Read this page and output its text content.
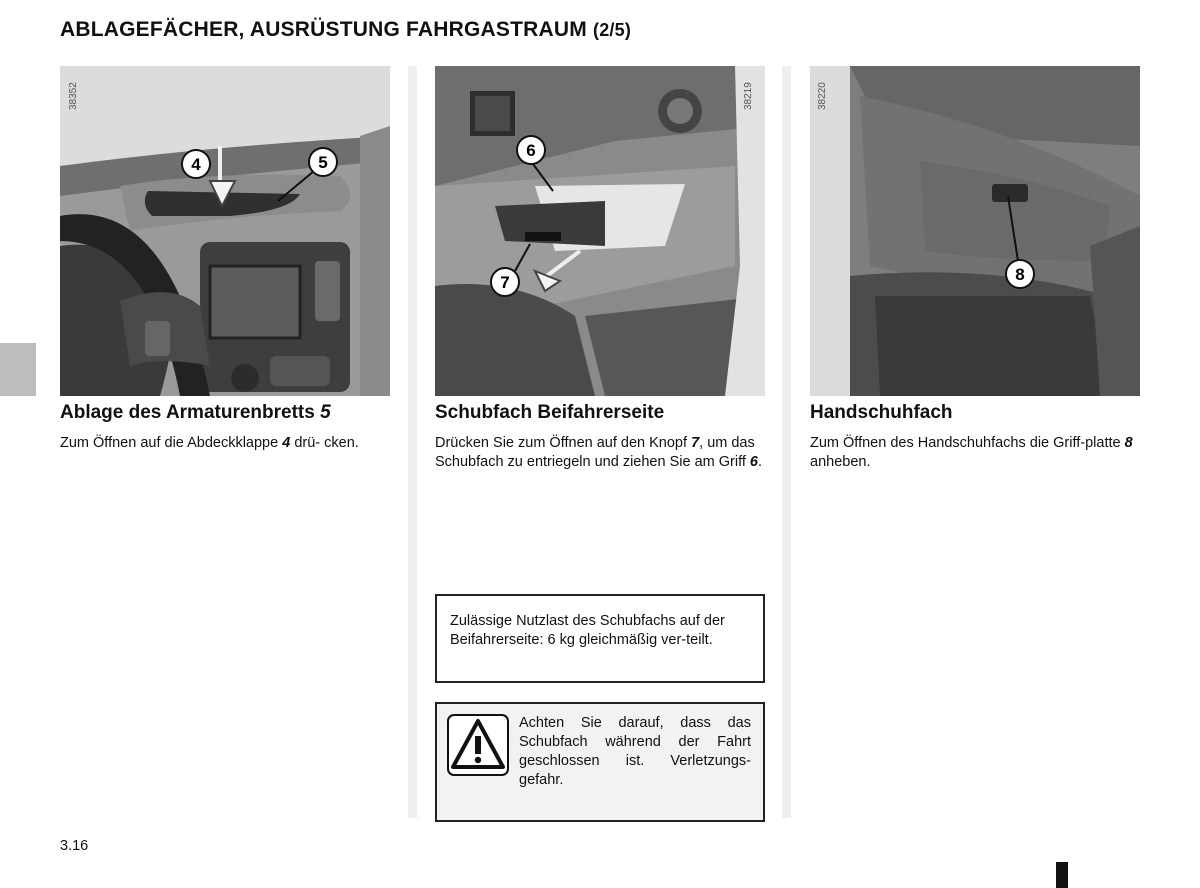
ABLAGEFÄCHER, AUSRÜSTUNG FAHRGASTRAUM (2/5)
4	5
38352
6
7
38219
8
38220
Ablage des Armaturenbretts 5
Zum Öffnen auf die Abdeckklappe 4 drü- cken.
Schubfach Beifahrerseite
Drücken Sie zum Öffnen auf den Knopf 7, um das Schubfach zu entriegeln und ziehen Sie am Griff 6.
Handschuhfach
Zum Öffnen des Handschuhfachs die Griff-platte 8 anheben.
Zulässige Nutzlast des Schubfachs auf der Beifahrerseite: 6 kg gleichmäßig ver-teilt.
Achten Sie darauf, dass das Schubfach während der Fahrt geschlossen ist. Verletzungs-gefahr.
3.16
